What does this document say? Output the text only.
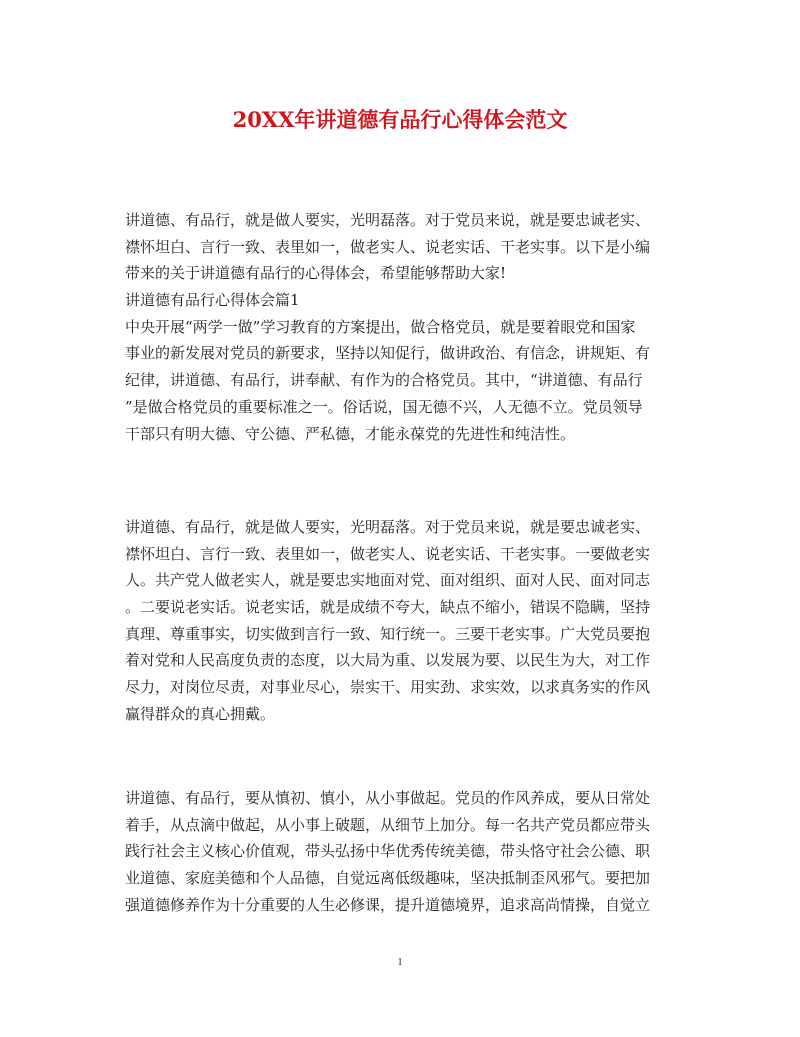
20XX年讲道德有品行心得体会范文
讲道德、有品行，就是做人要实，光明磊落。对于党员来说，就是要忠诚老实、
襟怀坦白、言行一致、表里如一，做老实人、说老实话、干老实事。以下是小编
带来的关于讲道德有品行的心得体会，希望能够帮助大家!
讲道德有品行心得体会篇1
中央开展“两学一做”学习教育的方案提出，做合格党员，就是要着眼党和国家
事业的新发展对党员的新要求，坚持以知促行，做讲政治、有信念，讲规矩、有
纪律，讲道德、有品行，讲奉献、有作为的合格党员。其中，“讲道德、有品行
”是做合格党员的重要标准之一。俗话说，国无德不兴，人无德不立。党员领导
干部只有明大德、守公德、严私德，才能永葆党的先进性和纯洁性。
讲道德、有品行，就是做人要实，光明磊落。对于党员来说，就是要忠诚老实、
襟怀坦白、言行一致、表里如一，做老实人、说老实话、干老实事。一要做老实
人。共产党人做老实人，就是要忠实地面对党、面对组织、面对人民、面对同志
。二要说老实话。说老实话，就是成绩不夸大，缺点不缩小，错误不隐瞒，坚持
真理、尊重事实，切实做到言行一致、知行统一。三要干老实事。广大党员要抱
着对党和人民高度负责的态度，以大局为重、以发展为要、以民生为大，对工作
尽力，对岗位尽责，对事业尽心，崇实干、用实劲、求实效，以求真务实的作风
赢得群众的真心拥戴。
讲道德、有品行，要从慎初、慎小，从小事做起。党员的作风养成，要从日常处
着手，从点滴中做起，从小事上破题，从细节上加分。每一名共产党员都应带头
践行社会主义核心价值观，带头弘扬中华优秀传统美德，带头恪守社会公德、职
业道德、家庭美德和个人品德，自觉远离低级趣味，坚决抵制歪风邪气。要把加
强道德修养作为十分重要的人生必修课，提升道德境界，追求高尚情操，自觉立
1
